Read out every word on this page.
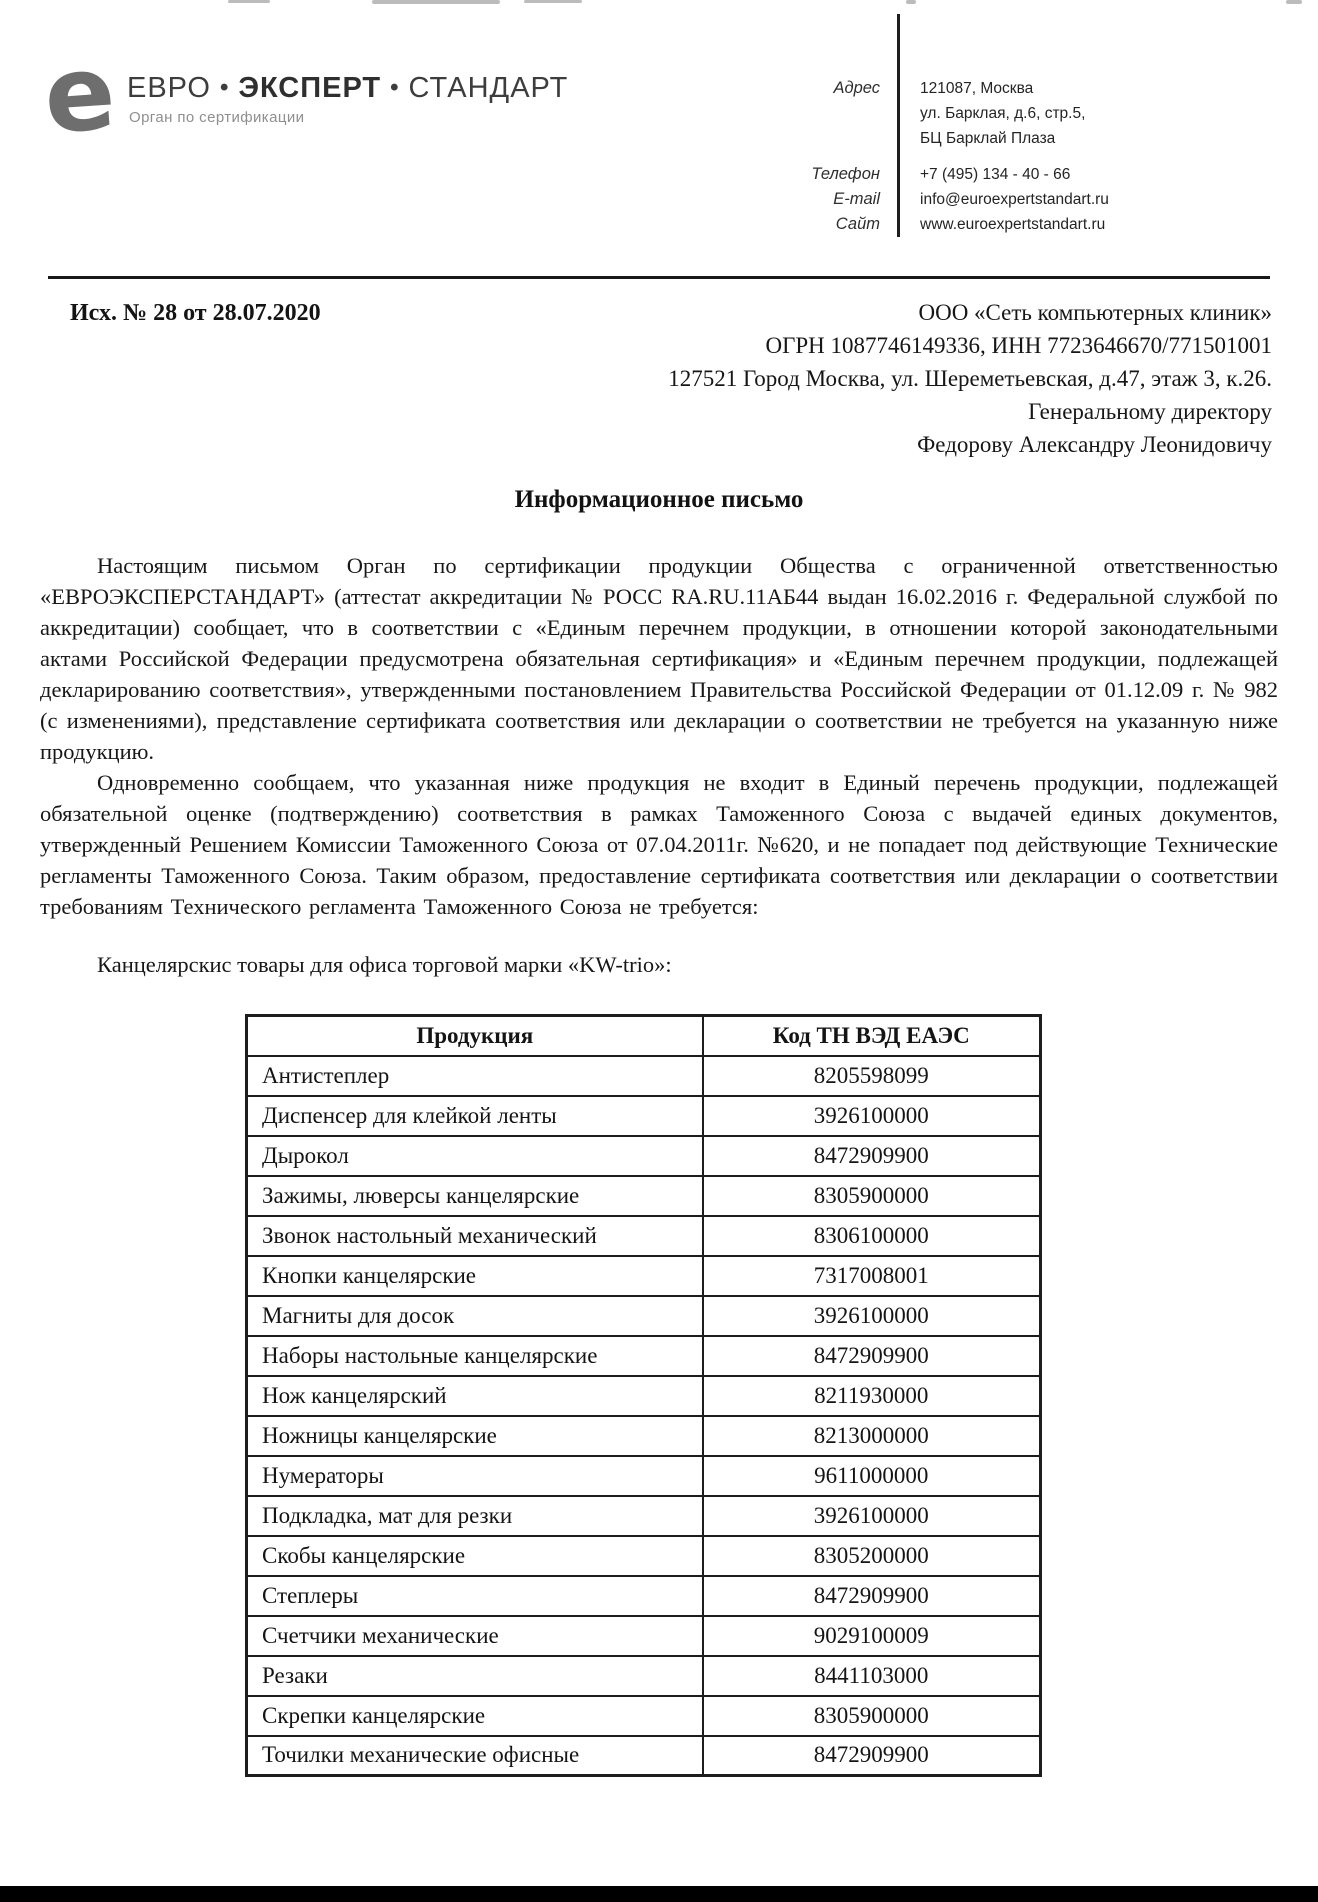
e ЕВРО • ЭКСПЕРТ • СТАНДАРТ
Орган по сертификации
Адрес	121087, Москва
ул. Барклая, д.6, стр.5,
БЦ Барклай Плаза
Телефон	+7 (495) 134 - 40 - 66
E-mail	info@euroexpertstandart.ru
Сайт	www.euroexpertstandart.ru
Исх. № 28 от 28.07.2020	ООО «Сеть компьютерных клиник»
ОГРН 1087746149336, ИНН 7723646670/771501001
127521 Город Москва, ул. Шереметьевская, д.47, этаж 3, к.26.
Генеральному директору
Федорову Александру Леонидовичу
Информационное письмо

Настоящим письмом Орган по сертификации продукции Общества с ограниченной ответственностью «ЕВРОЭКСПЕРСТАНДАРТ» (аттестат аккредитации № РОСС RA.RU.11АБ44 выдан 16.02.2016 г. Федеральной службой по аккредитации) сообщает, что в соответствии с «Единым перечнем продукции, в отношении которой законодательными актами Российской Федерации предусмотрена обязательная сертификация» и «Единым перечнем продукции, подлежащей декларированию соответствия», утвержденными постановлением Правительства Российской Федерации от 01.12.09 г. № 982 (с изменениями), представление сертификата соответствия или декларации о соответствии не требуется на указанную ниже продукцию.

Одновременно сообщаем, что указанная ниже продукция не входит в Единый перечень продукции, подлежащей обязательной оценке (подтверждению) соответствия в рамках Таможенного Союза с выдачей единых документов, утвержденный Решением Комиссии Таможенного Союза от 07.04.2011г. №620, и не попадает под действующие Технические регламенты Таможенного Союза. Таким образом, предоставление сертификата соответствия или декларации о соответствии требованиям Технического регламента Таможенного Союза не требуется:

Канцелярскис товары для офиса торговой марки «KW-trio»:

Продукция	Код ТН ВЭД ЕАЭС
Антистеплер	8205598099
Диспенсер для клейкой ленты	3926100000
Дырокол	8472909900
Зажимы, люверсы канцелярские	8305900000
Звонок настольный механический	8306100000
Кнопки канцелярские	7317008001
Магниты для досок	3926100000
Наборы настольные канцелярские	8472909900
Нож канцелярский	8211930000
Ножницы канцелярские	8213000000
Нумераторы	9611000000
Подкладка, мат для резки	3926100000
Скобы канцелярские	8305200000
Степлеры	8472909900
Счетчики механические	9029100009
Резаки	8441103000
Скрепки канцелярские	8305900000
Точилки механические офисные	8472909900
